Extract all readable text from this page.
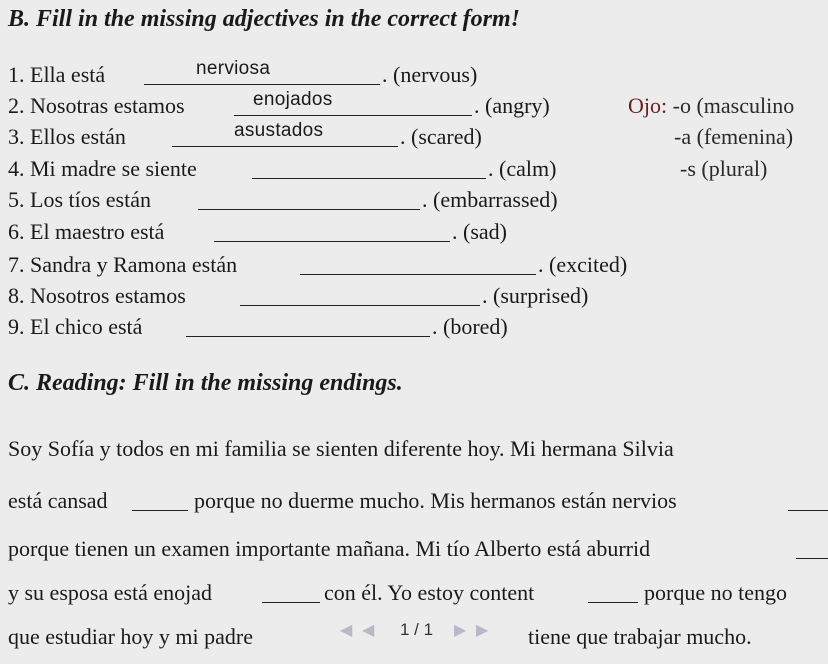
B. Fill in the missing adjectives in the correct form!
1. Ella está	nerviosa	. (nervous)
2. Nosotras estamos	enojados	. (angry)
3. Ellos están	asustados	. (scared)
4. Mi madre se siente	. (calm)
5. Los tíos están	. (embarrassed)
6. El maestro está	. (sad)
7. Sandra y Ramona están	. (excited)
8. Nosotros estamos	. (surprised)
9. El chico está	. (bored)
Ojo: -o (masculino
-a (femenina)
-s (plural)
C. Reading: Fill in the missing endings.
Soy Sofía y todos en mi familia se sienten diferente hoy. Mi hermana Silvia
está cansad	porque no duerme mucho. Mis hermanos están nervios
porque tienen un examen importante mañana. Mi tío Alberto está aburrid
y su esposa está enojad	con él. Yo estoy content	porque no tengo
que estudiar hoy y mi padre	tiene que trabajar mucho.
◀ ◀ 1 / 1 ▶ ▶
